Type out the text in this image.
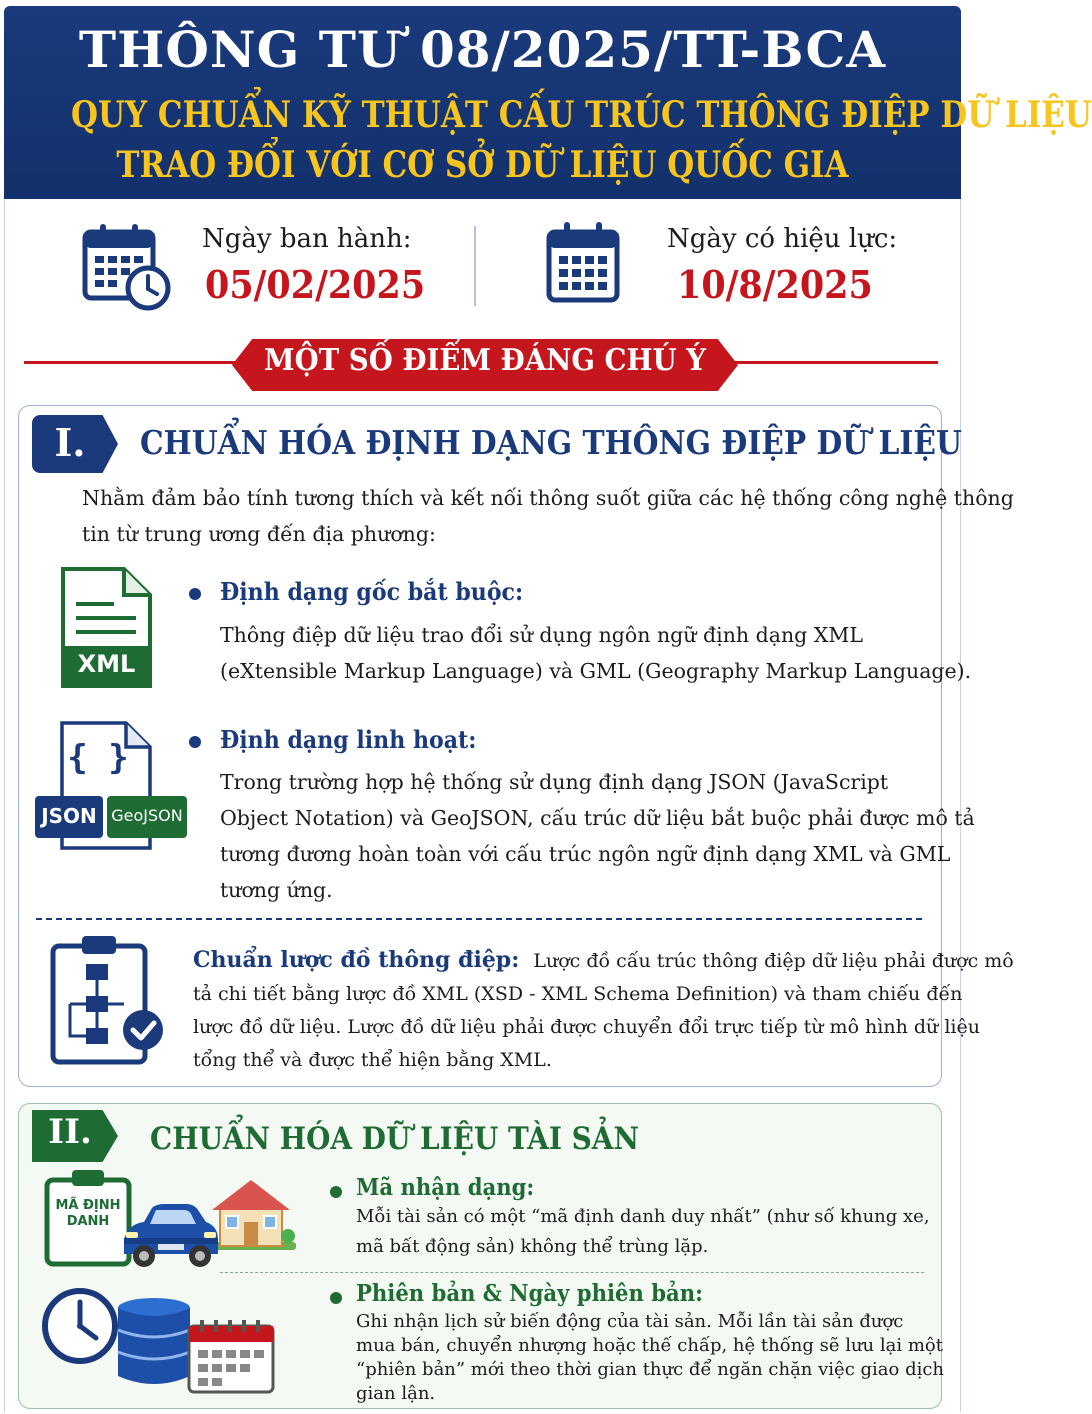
THÔNG TƯ 08/2025/TT-BCA
QUY CHUẨN KỸ THUẬT CẤU TRÚC THÔNG ĐIỆP DỮ LIỆU
TRAO ĐỔI VỚI CƠ SỞ DỮ LIỆU QUỐC GIA
Ngày ban hành:
05/02/2025
Ngày có hiệu lực:
10/8/2025
MỘT SỐ ĐIỂM ĐÁNG CHÚ Ý
I.	CHUẨN HÓA ĐỊNH DẠNG THÔNG ĐIỆP DỮ LIỆU
Nhằm đảm bảo tính tương thích và kết nối thông suốt giữa các hệ thống công nghệ thông
tin từ trung ương đến địa phương:
XML
Định dạng gốc bắt buộc:
Thông điệp dữ liệu trao đổi sử dụng ngôn ngữ định dạng XML
(eXtensible Markup Language) và GML (Geography Markup Language).
{ }
JSON GeoJSON
Định dạng linh hoạt:
Trong trường hợp hệ thống sử dụng định dạng JSON (JavaScript
Object Notation) và GeoJSON, cấu trúc dữ liệu bắt buộc phải được mô tả
tương đương hoàn toàn với cấu trúc ngôn ngữ định dạng XML và GML
tương ứng.
Chuẩn lược đồ thông điệp: Lược đồ cấu trúc thông điệp dữ liệu phải được mô
tả chi tiết bằng lược đồ XML (XSD - XML Schema Definition) và tham chiếu đến
lược đồ dữ liệu. Lược đồ dữ liệu phải được chuyển đổi trực tiếp từ mô hình dữ liệu
tổng thể và được thể hiện bằng XML.
II.	CHUẨN HÓA DỮ LIỆU TÀI SẢN
MÃ ĐỊNH
DANH
Mã nhận dạng:
Mỗi tài sản có một “mã định danh duy nhất” (như số khung xe,
mã bất động sản) không thể trùng lặp.
Phiên bản & Ngày phiên bản:
Ghi nhận lịch sử biến động của tài sản. Mỗi lần tài sản được
mua bán, chuyển nhượng hoặc thế chấp, hệ thống sẽ lưu lại một
“phiên bản” mới theo thời gian thực để ngăn chặn việc giao dịch
gian lận.
